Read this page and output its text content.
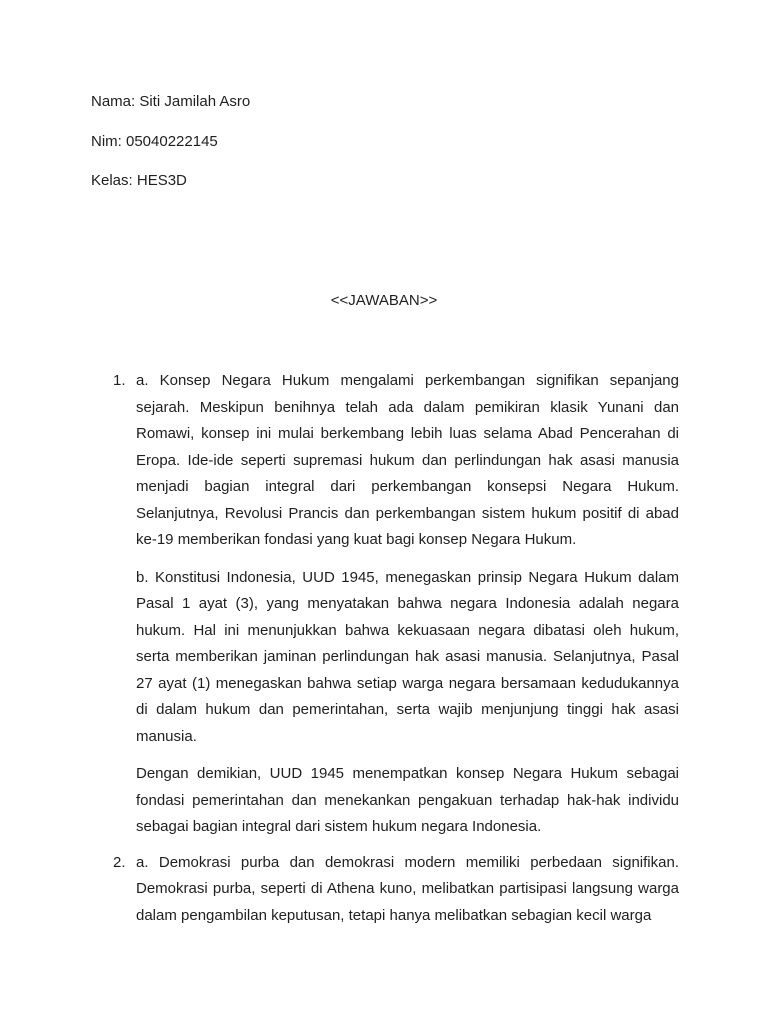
Nama: Siti Jamilah Asro

Nim: 05040222145

Kelas: HES3D

<<JAWABAN>>

1. a. Konsep Negara Hukum mengalami perkembangan signifikan sepanjang sejarah. Meskipun benihnya telah ada dalam pemikiran klasik Yunani dan Romawi, konsep ini mulai berkembang lebih luas selama Abad Pencerahan di Eropa. Ide-ide seperti supremasi hukum dan perlindungan hak asasi manusia menjadi bagian integral dari perkembangan konsepsi Negara Hukum. Selanjutnya, Revolusi Prancis dan perkembangan sistem hukum positif di abad ke-19 memberikan fondasi yang kuat bagi konsep Negara Hukum.

b. Konstitusi Indonesia, UUD 1945, menegaskan prinsip Negara Hukum dalam Pasal 1 ayat (3), yang menyatakan bahwa negara Indonesia adalah negara hukum. Hal ini menunjukkan bahwa kekuasaan negara dibatasi oleh hukum, serta memberikan jaminan perlindungan hak asasi manusia. Selanjutnya, Pasal 27 ayat (1) menegaskan bahwa setiap warga negara bersamaan kedudukannya di dalam hukum dan pemerintahan, serta wajib menjunjung tinggi hak asasi manusia.

Dengan demikian, UUD 1945 menempatkan konsep Negara Hukum sebagai fondasi pemerintahan dan menekankan pengakuan terhadap hak-hak individu sebagai bagian integral dari sistem hukum negara Indonesia.

2. a. Demokrasi purba dan demokrasi modern memiliki perbedaan signifikan. Demokrasi purba, seperti di Athena kuno, melibatkan partisipasi langsung warga dalam pengambilan keputusan, tetapi hanya melibatkan sebagian kecil warga
